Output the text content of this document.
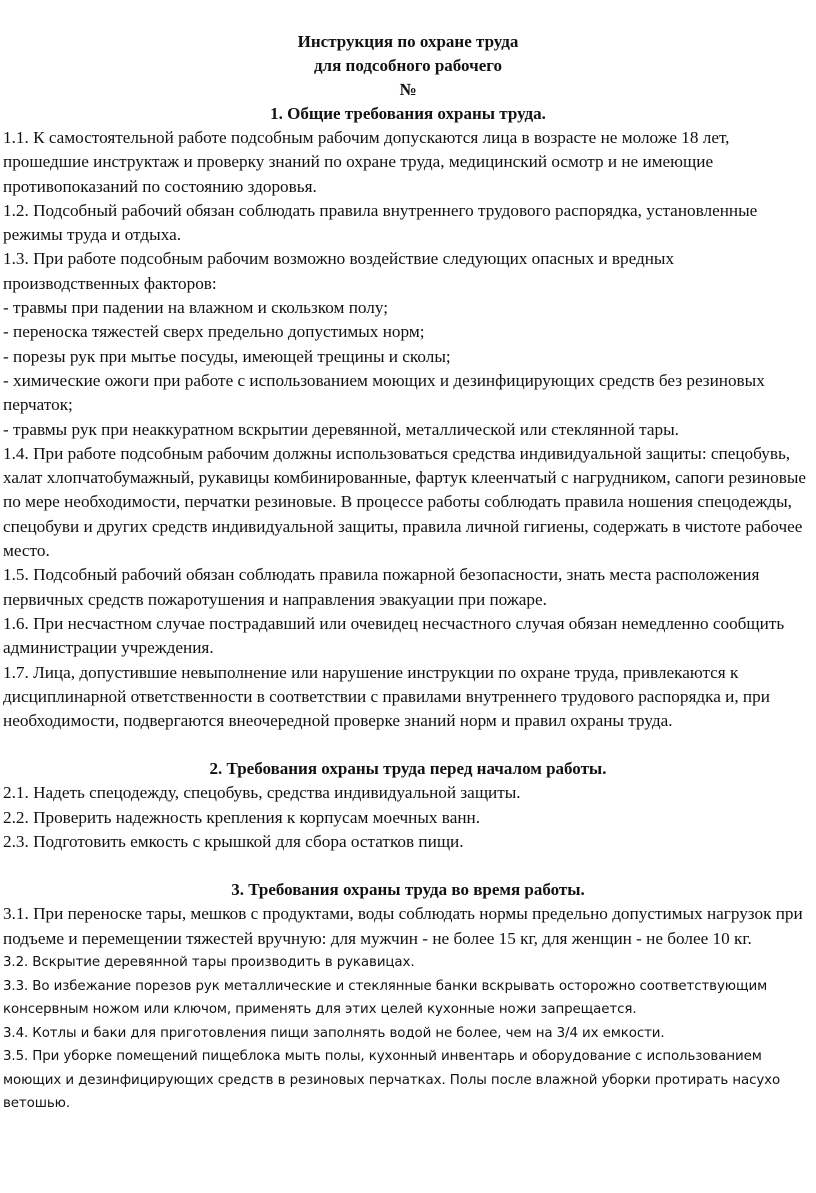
Инструкция по охране труда
для подсобного рабочего
№
1. Общие требования охраны труда.

1.1. К самостоятельной работе подсобным рабочим допускаются лица в возрасте не моложе 18 лет, прошедшие инструктаж и проверку знаний по охране труда, медицинский осмотр и не имеющие противопоказаний по состоянию здоровья.

1.2. Подсобный рабочий обязан соблюдать правила внутреннего трудового распорядка, установленные режимы труда и отдыха.

1.3. При работе подсобным рабочим возможно воздействие следующих опасных и вредных производственных факторов:

- травмы при падении на влажном и скользком полу;

- переноска тяжестей сверх предельно допустимых норм;

- порезы рук при мытье посуды, имеющей трещины и сколы;

- химические ожоги при работе с использованием моющих и дезинфицирующих средств без резиновых перчаток;

- травмы рук при неаккуратном вскрытии деревянной, металлической или стеклянной тары.

1.4. При работе подсобным рабочим должны использоваться средства индивидуальной защиты: спецобувь, халат хлопчатобумажный, рукавицы комбинированные, фартук клеенчатый с нагрудником, сапоги резиновые по мере необходимости, перчатки резиновые. В процессе работы соблюдать правила ношения спецодежды, спецобуви и других средств индивидуальной защиты, правила личной гигиены, содержать в чистоте рабочее место.

1.5. Подсобный рабочий обязан соблюдать правила пожарной безопасности, знать места расположения первичных средств пожаротушения и направления эвакуации при пожаре.

1.6. При несчастном случае пострадавший или очевидец несчастного случая обязан немедленно сообщить администрации учреждения.

1.7. Лица, допустившие невыполнение или нарушение инструкции по охране труда, привлекаются к дисциплинарной ответственности в соответствии с правилами внутреннего трудового распорядка и, при необходимости, подвергаются внеочередной проверке знаний норм и правил охраны труда.

2. Требования охраны труда перед началом работы.

2.1. Надеть спецодежду, спецобувь, средства индивидуальной защиты.

2.2. Проверить надежность крепления к корпусам моечных ванн.

2.3. Подготовить емкость с крышкой для сбора остатков пищи.

3. Требования охраны труда во время работы.

3.1. При переноске тары, мешков с продуктами, воды соблюдать нормы предельно допустимых нагрузок при подъеме и перемещении тяжестей вручную: для мужчин - не более 15 кг, для женщин - не более 10 кг.

3.2. Вскрытие деревянной тары производить в рукавицах.

3.3. Во избежание порезов рук металлические и стеклянные банки вскрывать осторожно соответствующим консервным ножом или ключом, применять для этих целей кухонные ножи запрещается.

3.4. Котлы и баки для приготовления пищи заполнять водой не более, чем на 3/4 их емкости.

3.5. При уборке помещений пищеблока мыть полы, кухонный инвентарь и оборудование с использованием моющих и дезинфицирующих средств в резиновых перчатках. Полы после влажной уборки протирать насухо ветошью.
